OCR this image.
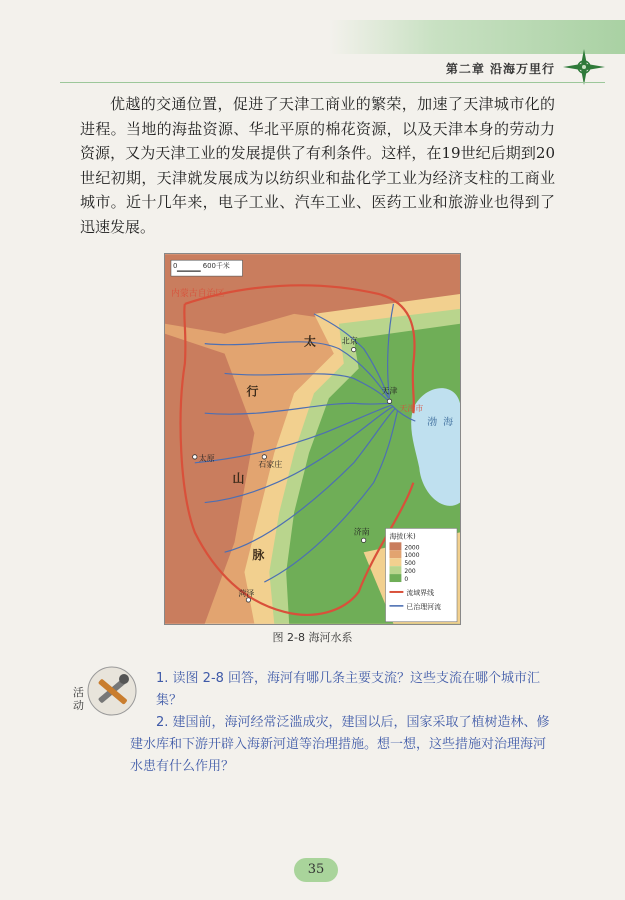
第二章 沿海万里行
优越的交通位置，促进了天津工商业的繁荣，加速了天津城市化的进程。当地的海盐资源、华北平原的棉花资源，以及天津本身的劳动力资源，又为天津工业的发展提供了有利条件。这样，在19世纪后期到20世纪初期，天津就发展成为以纺织业和盐化学工业为经济支柱的工商业城市。近十几年来，电子工业、汽车工业、医药工业和旅游业也得到了迅速发展。
0	600千米
内蒙古自治区
太
行
山
脉
北京
天津
太原
石家庄
济南
菏泽
天津市
渤 海
海拔(米)
2000
1000
500
200
0
流域界线
已治理河流
图 2-8 海河水系
活
动

1. 读图 2-8 回答，海河有哪几条主要支流？这些支流在哪个城市汇集？

2. 建国前，海河经常泛滥成灾，建国以后，国家采取了植树造林、修建水库和下游开辟入海新河道等治理措施。想一想，这些措施对治理海河水患有什么作用？

35
